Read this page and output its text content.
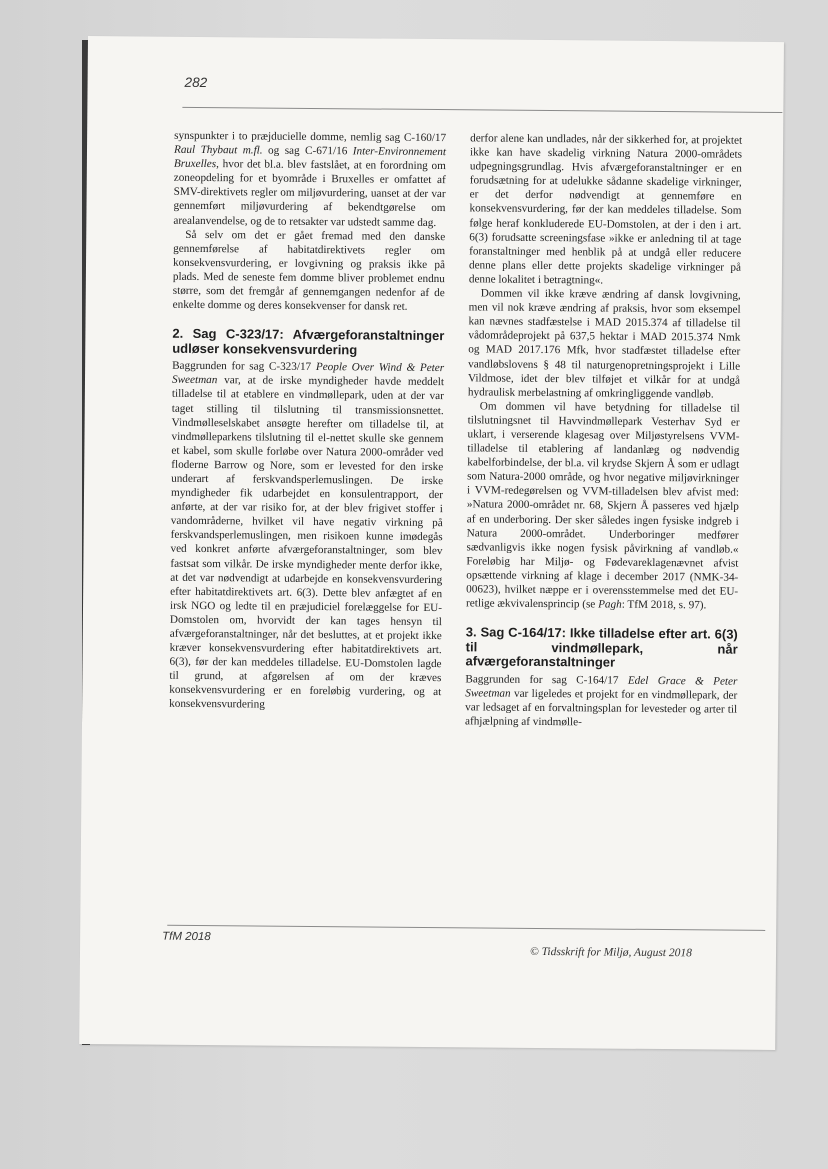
282

synspunkter i to præjducielle domme, nemlig sag C-160/17 Raul Thybaut m.fl. og sag C-671/16 Inter-Environnement Bruxelles, hvor det bl.a. blev fastslået, at en forordning om zoneopdeling for et byområde i Bruxelles er omfattet af SMV-direktivets regler om miljøvurdering, uanset at der var gennemført miljøvurdering af bekendtgørelse om arealanvendelse, og de to retsakter var udstedt samme dag.

Så selv om det er gået fremad med den danske gennemførelse af habitatdirektivets regler om konsekvensvurdering, er lovgivning og praksis ikke på plads. Med de seneste fem domme bliver problemet endnu større, som det fremgår af gennemgangen nedenfor af de enkelte domme og deres konsekvenser for dansk ret.

2. Sag C-323/17: Afværgeforanstaltninger udløser konsekvensvurdering

Baggrunden for sag C-323/17 People Over Wind & Peter Sweetman var, at de irske myndigheder havde meddelt tilladelse til at etablere en vindmøllepark, uden at der var taget stilling til tilslutning til transmissionsnettet. Vindmølleselskabet ansøgte herefter om tilladelse til, at vindmølleparkens tilslutning til el-nettet skulle ske gennem et kabel, som skulle forløbe over Natura 2000-områder ved floderne Barrow og Nore, som er levested for den irske underart af ferskvandsperlemuslingen. De irske myndigheder fik udarbejdet en konsulentrapport, der anførte, at der var risiko for, at der blev frigivet stoffer i vandområderne, hvilket vil have negativ virkning på ferskvandsperlemuslingen, men risikoen kunne imødegås ved konkret anførte afværgeforanstaltninger, som blev fastsat som vilkår. De irske myndigheder mente derfor ikke, at det var nødvendigt at udarbejde en konsekvensvurdering efter habitatdirektivets art. 6(3). Dette blev anfægtet af en irsk NGO og ledte til en præjudiciel forelæggelse for EU-Domstolen om, hvorvidt der kan tages hensyn til afværgeforanstaltninger, når det besluttes, at et projekt ikke kræver konsekvensvurdering efter habitatdirektivets art. 6(3), før der kan meddeles tilladelse. EU-Domstolen lagde til grund, at afgørelsen af om der kræves konsekvensvurdering er en foreløbig vurdering, og at konsekvensvurdering

derfor alene kan undlades, når der sikkerhed for, at projektet ikke kan have skadelig virkning Natura 2000-områdets udpegningsgrundlag. Hvis afværgeforanstaltninger er en forudsætning for at udelukke sådanne skadelige virkninger, er det derfor nødvendigt at gennemføre en konsekvensvurdering, før der kan meddeles tilladelse. Som følge heraf konkluderede EU-Domstolen, at der i den i art. 6(3) forudsatte screeningsfase »ikke er anledning til at tage foranstaltninger med henblik på at undgå eller reducere denne plans eller dette projekts skadelige virkninger på denne lokalitet i betragtning«.

Dommen vil ikke kræve ændring af dansk lovgivning, men vil nok kræve ændring af praksis, hvor som eksempel kan nævnes stadfæstelse i MAD 2015.374 af tilladelse til vådområdeprojekt på 637,5 hektar i MAD 2015.374 Nmk og MAD 2017.176 Mfk, hvor stadfæstet tilladelse efter vandløbslovens § 48 til naturgenopretningsprojekt i Lille Vildmose, idet der blev tilføjet et vilkår for at undgå hydraulisk merbelastning af omkringliggende vandløb.

Om dommen vil have betydning for tilladelse til tilslutningsnet til Havvindmøllepark Vesterhav Syd er uklart, i verserende klagesag over Miljøstyrelsens VVM-tilladelse til etablering af landanlæg og nødvendig kabelforbindelse, der bl.a. vil krydse Skjern Å som er udlagt som Natura-2000 område, og hvor negative miljøvirkninger i VVM-redegørelsen og VVM-tilladelsen blev afvist med: »Natura 2000-området nr. 68, Skjern Å passeres ved hjælp af en underboring. Der sker således ingen fysiske indgreb i Natura 2000-området. Underboringer medfører sædvanligvis ikke nogen fysisk påvirkning af vandløb.« Foreløbig har Miljø- og Fødevareklagenævnet afvist opsættende virkning af klage i december 2017 (NMK-34-00623), hvilket næppe er i overensstemmelse med det EU-retlige ækvivalensprincip (se Pagh: TfM 2018, s. 97).

3. Sag C-164/17: Ikke tilladelse efter art. 6(3) til vindmøllepark, når afværgeforanstaltninger

Baggrunden for sag C-164/17 Edel Grace & Peter Sweetman var ligeledes et projekt for en vindmøllepark, der var ledsaget af en forvaltningsplan for levesteder og arter til afhjælpning af vindmølle-

TfM 2018
© Tidsskrift for Miljø, August 2018
